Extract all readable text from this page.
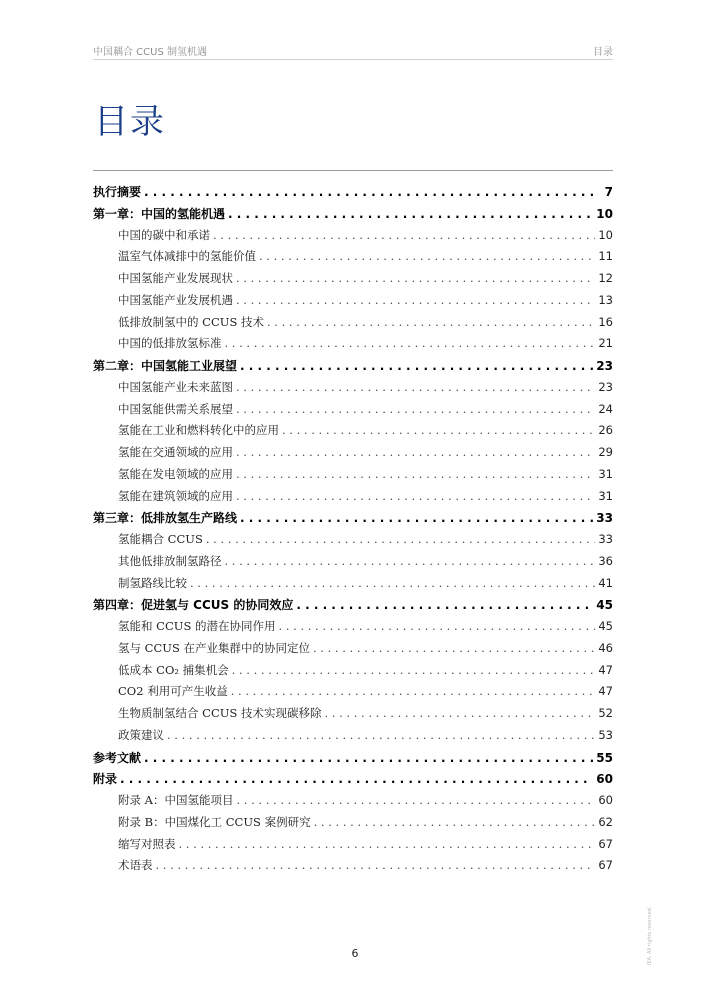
中国耦合 CCUS 制氢机遇	目录
目录
执行摘要 . . .	7
第一章：中国的氢能机遇 . . .	10
中国的碳中和承诺 . . .	10
温室气体减排中的氢能价值 . . .	11
中国氢能产业发展现状 . . .	12
中国氢能产业发展机遇 . . .	13
低排放制氢中的 CCUS 技术 . . .	16
中国的低排放氢标准 . . .	21
第二章：中国氢能工业展望 . . .	23
中国氢能产业未来蓝图 . . .	23
中国氢能供需关系展望 . . .	24
氢能在工业和燃料转化中的应用 . . .	26
氢能在交通领域的应用 . . .	29
氢能在发电领域的应用 . . .	31
氢能在建筑领域的应用 . . .	31
第三章：低排放氢生产路线 . . .	33
氢能耦合 CCUS . . .	33
其他低排放制氢路径 . . .	36
制氢路线比较 . . .	41
第四章：促进氢与 CCUS 的协同效应 . . .	45
氢能和 CCUS 的潜在协同作用 . . .	45
氢与 CCUS 在产业集群中的协同定位 . . .	46
低成本 CO₂ 捕集机会 . . .	47
CO2 利用可产生收益 . . .	47
生物质制氢结合 CCUS 技术实现碳移除 . . .	52
政策建议 . . .	53
参考文献 . . .	55
附录 . . .	60
附录 A：中国氢能项目 . . .	60
附录 B：中国煤化工 CCUS 案例研究 . . .	62
缩写对照表 . . .	67
术语表 . . .	67
6	IEA. All rights reserved.
